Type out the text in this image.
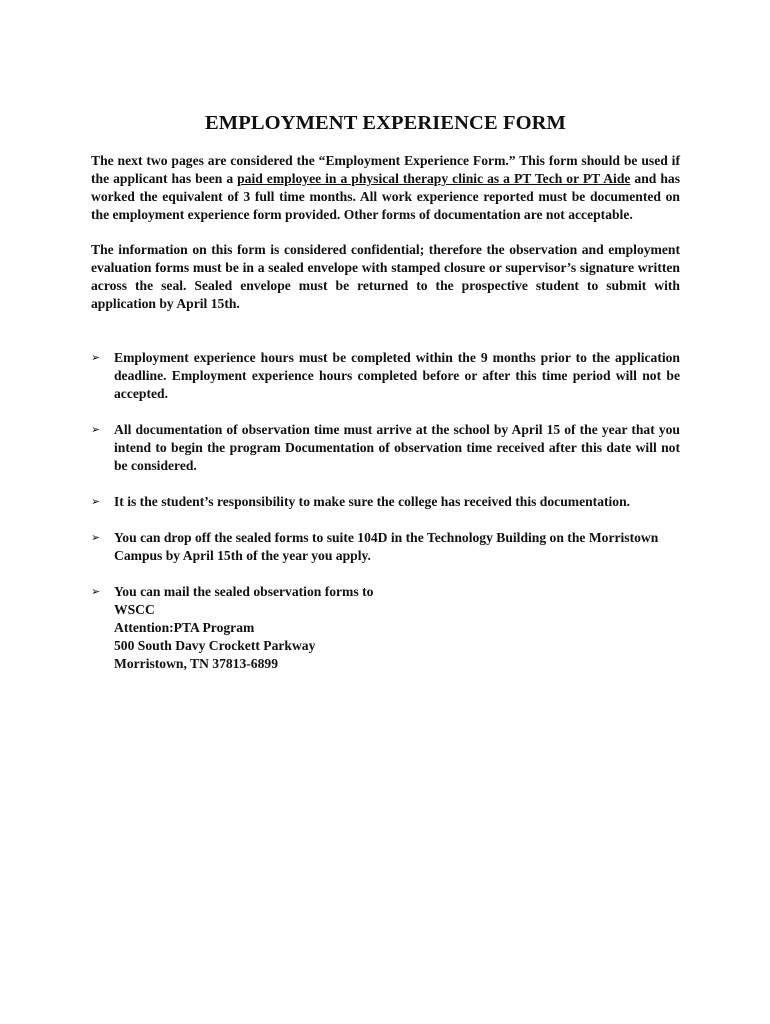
EMPLOYMENT EXPERIENCE FORM

The next two pages are considered the “Employment Experience Form.” This form should be used if the applicant has been a paid employee in a physical therapy clinic as a PT Tech or PT Aide and has worked the equivalent of 3 full time months. All work experience reported must be documented on the employment experience form provided. Other forms of documentation are not acceptable.

The information on this form is considered confidential; therefore the observation and employment evaluation forms must be in a sealed envelope with stamped closure or supervisor’s signature written across the seal. Sealed envelope must be returned to the prospective student to submit with application by April 15th.

➢ Employment experience hours must be completed within the 9 months prior to the application deadline. Employment experience hours completed before or after this time period will not be accepted.
➢ All documentation of observation time must arrive at the school by April 15 of the year that you intend to begin the program Documentation of observation time received after this date will not be considered.
➢ It is the student’s responsibility to make sure the college has received this documentation.
➢ You can drop off the sealed forms to suite 104D in the Technology Building on the Morristown Campus by April 15th of the year you apply.
➢ You can mail the sealed observation forms to
WSCC
Attention:PTA Program
500 South Davy Crockett Parkway
Morristown, TN 37813-6899
